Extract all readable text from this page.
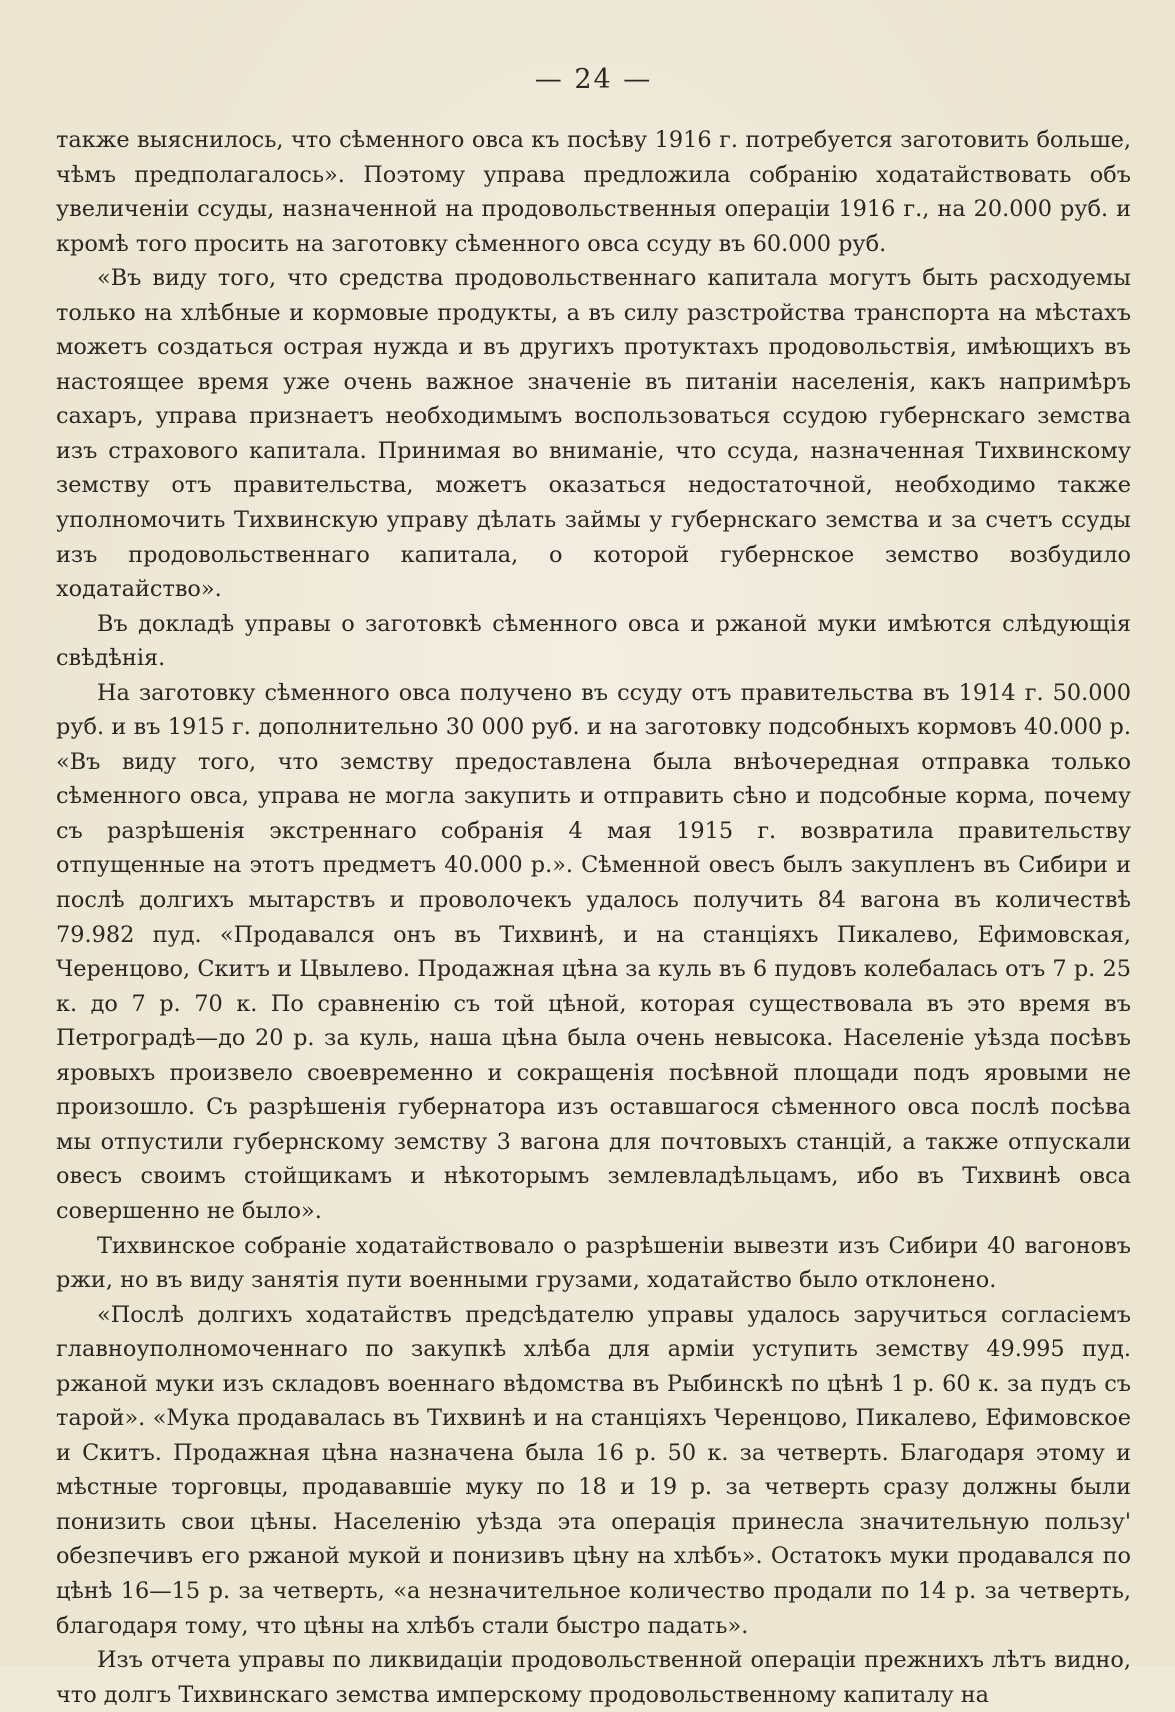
— 24 —

также выяснилось, что сѣменного овса къ посѣву 1916 г. потребуется заготовить больше, чѣмъ предполагалось». Поэтому управа предложила собранію ходатайствовать объ увеличеніи ссуды, назначенной на продовольственныя операціи 1916 г., на 20.000 руб. и кромѣ того просить на заготовку сѣменного овса ссуду въ 60.000 руб.

«Въ виду того, что средства продовольственнаго капитала могутъ быть расходуемы только на хлѣбные и кормовые продукты, а въ силу разстройства транспорта на мѣстахъ можетъ создаться острая нужда и въ другихъ протуктахъ продовольствія, имѣющихъ въ настоящее время уже очень важное значеніе въ питаніи населенія, какъ напримѣръ сахаръ, управа признаетъ необходимымъ воспользоваться ссудою губернскаго земства изъ страхового капитала. Принимая во вниманіе, что ссуда, назначенная Тихвинскому земству отъ правительства, можетъ оказаться недостаточной, необходимо также уполномочить Тихвинскую управу дѣлать займы у губернскаго земства и за счетъ ссуды изъ продовольственнаго капитала, о которой губернское земство возбудило ходатайство».

Въ докладѣ управы о заготовкѣ сѣменного овса и ржаной муки имѣются слѣдующія свѣдѣнія.

На заготовку сѣменного овса получено въ ссуду отъ правительства въ 1914 г. 50.000 руб. и въ 1915 г. дополнительно 30 000 руб. и на заготовку подсобныхъ кормовъ 40.000 р. «Въ виду того, что земству предоставлена была внѣочередная отправка только сѣменного овса, управа не могла закупить и отправить сѣно и подсобные корма, почему съ разрѣшенія экстреннаго собранія 4 мая 1915 г. возвратила правительству отпущенные на этотъ предметъ 40.000 р.». Сѣменной овесъ былъ закупленъ въ Сибири и послѣ долгихъ мытарствъ и проволочекъ удалось получить 84 вагона въ количествѣ 79.982 пуд. «Продавался онъ въ Тихвинѣ, и на станціяхъ Пикалево, Ефимовская, Черенцово, Скитъ и Цвылево. Продажная цѣна за куль въ 6 пудовъ колебалась отъ 7 р. 25 к. до 7 р. 70 к. По сравненію съ той цѣной, которая существовала въ это время въ Петроградѣ—до 20 р. за куль, наша цѣна была очень невысока. Населеніе уѣзда посѣвъ яровыхъ произвело своевременно и сокращенія посѣвной площади подъ яровыми не произошло. Съ разрѣшенія губернатора изъ оставшагося сѣменного овса послѣ посѣва мы отпустили губернскому земству 3 вагона для почтовыхъ станцій, а также отпускали овесъ своимъ стойщикамъ и нѣкоторымъ землевладѣльцамъ, ибо въ Тихвинѣ овса совершенно не было».

Тихвинское собраніе ходатайствовало о разрѣшеніи вывезти изъ Сибири 40 вагоновъ ржи, но въ виду занятія пути военными грузами, ходатайство было отклонено.

«Послѣ долгихъ ходатайствъ предсѣдателю управы удалось заручиться согласіемъ главноуполномоченнаго по закупкѣ хлѣба для арміи уступить земству 49.995 пуд. ржаной муки изъ складовъ военнаго вѣдомства въ Рыбинскѣ по цѣнѣ 1 р. 60 к. за пудъ съ тарой». «Мука продавалась въ Тихвинѣ и на станціяхъ Черенцово, Пикалево, Ефимовское и Скитъ. Продажная цѣна назначена была 16 р. 50 к. за четверть. Благодаря этому и мѣстные торговцы, продававшіе муку по 18 и 19 р. за четверть сразу должны были понизить свои цѣны. Населенію уѣзда эта операція принесла значительную пользу' обезпечивъ его ржаной мукой и понизивъ цѣну на хлѣбъ». Остатокъ муки продавался по цѣнѣ 16—15 р. за четверть, «а незначительное количество продали по 14 р. за четверть, благодаря тому, что цѣны на хлѣбъ стали быстро падать».

Изъ отчета управы по ликвидаціи продовольственной операціи прежнихъ лѣтъ видно, что долгъ Тихвинскаго земства имперскому продовольственному капиталу на
